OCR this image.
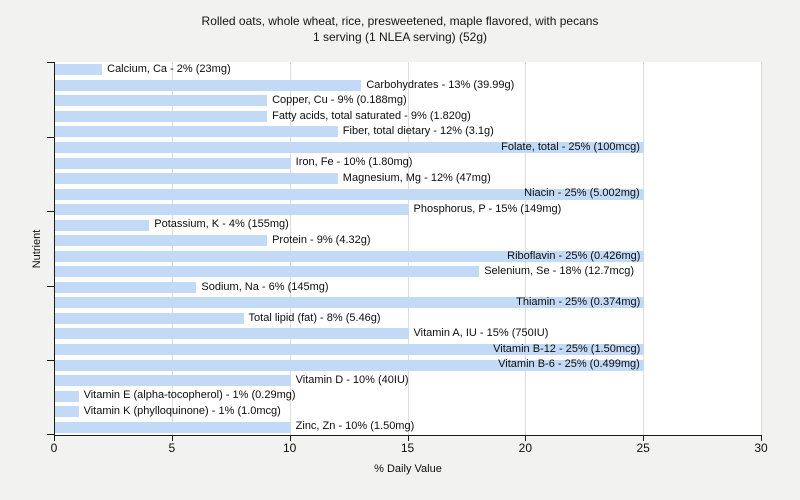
Rolled oats, whole wheat, rice, presweetened, maple flavored, with pecans
1 serving (1 NLEA serving) (52g)
Nutrient
Calcium, Ca - 2% (23mg)
Carbohydrates - 13% (39.99g)
Copper, Cu - 9% (0.188mg)
Fatty acids, total saturated - 9% (1.820g)
Fiber, total dietary - 12% (3.1g)
Folate, total - 25% (100mcg)
Iron, Fe - 10% (1.80mg)
Magnesium, Mg - 12% (47mg)
Niacin - 25% (5.002mg)
Phosphorus, P - 15% (149mg)
Potassium, K - 4% (155mg)
Protein - 9% (4.32g)
Riboflavin - 25% (0.426mg)
Selenium, Se - 18% (12.7mcg)
Sodium, Na - 6% (145mg)
Thiamin - 25% (0.374mg)
Total lipid (fat) - 8% (5.46g)
Vitamin A, IU - 15% (750IU)
Vitamin B-12 - 25% (1.50mcg)
Vitamin B-6 - 25% (0.499mg)
Vitamin D - 10% (40IU)
Vitamin E (alpha-tocopherol) - 1% (0.29mg)
Vitamin K (phylloquinone) - 1% (1.0mcg)
Zinc, Zn - 10% (1.50mg)
0	5	10	15	20	25	30
% Daily Value
